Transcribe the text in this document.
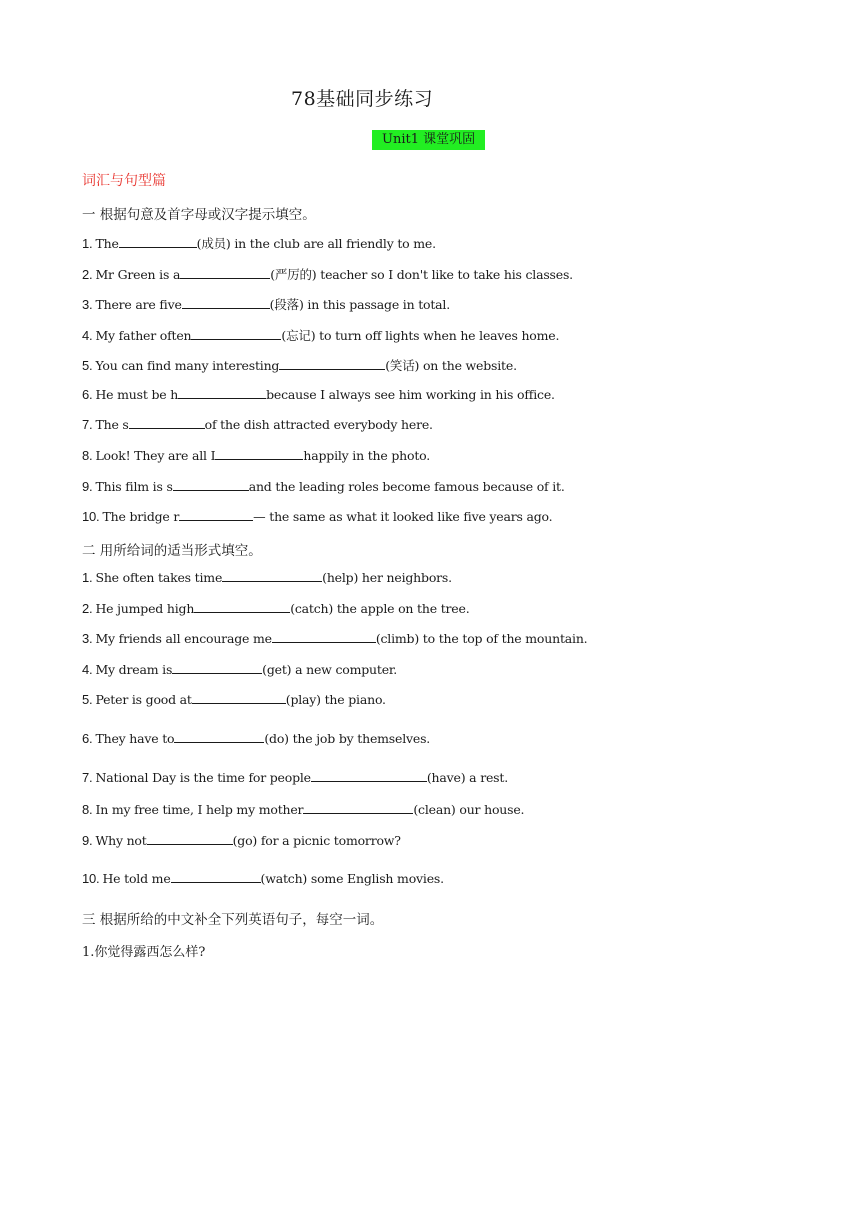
78基础同步练习
Unit1 课堂巩固
词汇与句型篇
一 根据句意及首字母或汉字提示填空。
1. The	(成员) in the club are all friendly to me.
2. Mr Green is a	(严厉的) teacher so I don't like to take his classes.
3. There are five	(段落) in this passage in total.
4. My father often	(忘记) to turn off lights when he leaves home.
5. You can find many interesting	(笑话) on the website.
6. He must be h	because I always see him working in his office.
7. The s	of the dish attracted everybody here.
8. Look! They are all I	happily in the photo.
9. This film is s	and the leading roles become famous because of it.
10. The bridge r	— the same as what it looked like five years ago.
二 用所给词的适当形式填空。
1. She often takes time	(help) her neighbors.
2. He jumped high	(catch) the apple on the tree.
3. My friends all encourage me	(climb) to the top of the mountain.
4. My dream is	(get) a new computer.
5. Peter is good at	(play) the piano.
6. They have to	(do) the job by themselves.
7. National Day is the time for people	(have) a rest.
8. In my free time, I help my mother	(clean) our house.
9. Why not	(go) for a picnic tomorrow?
10. He told me	(watch) some English movies.
三 根据所给的中文补全下列英语句子，每空一词。
1.你觉得露西怎么样?
